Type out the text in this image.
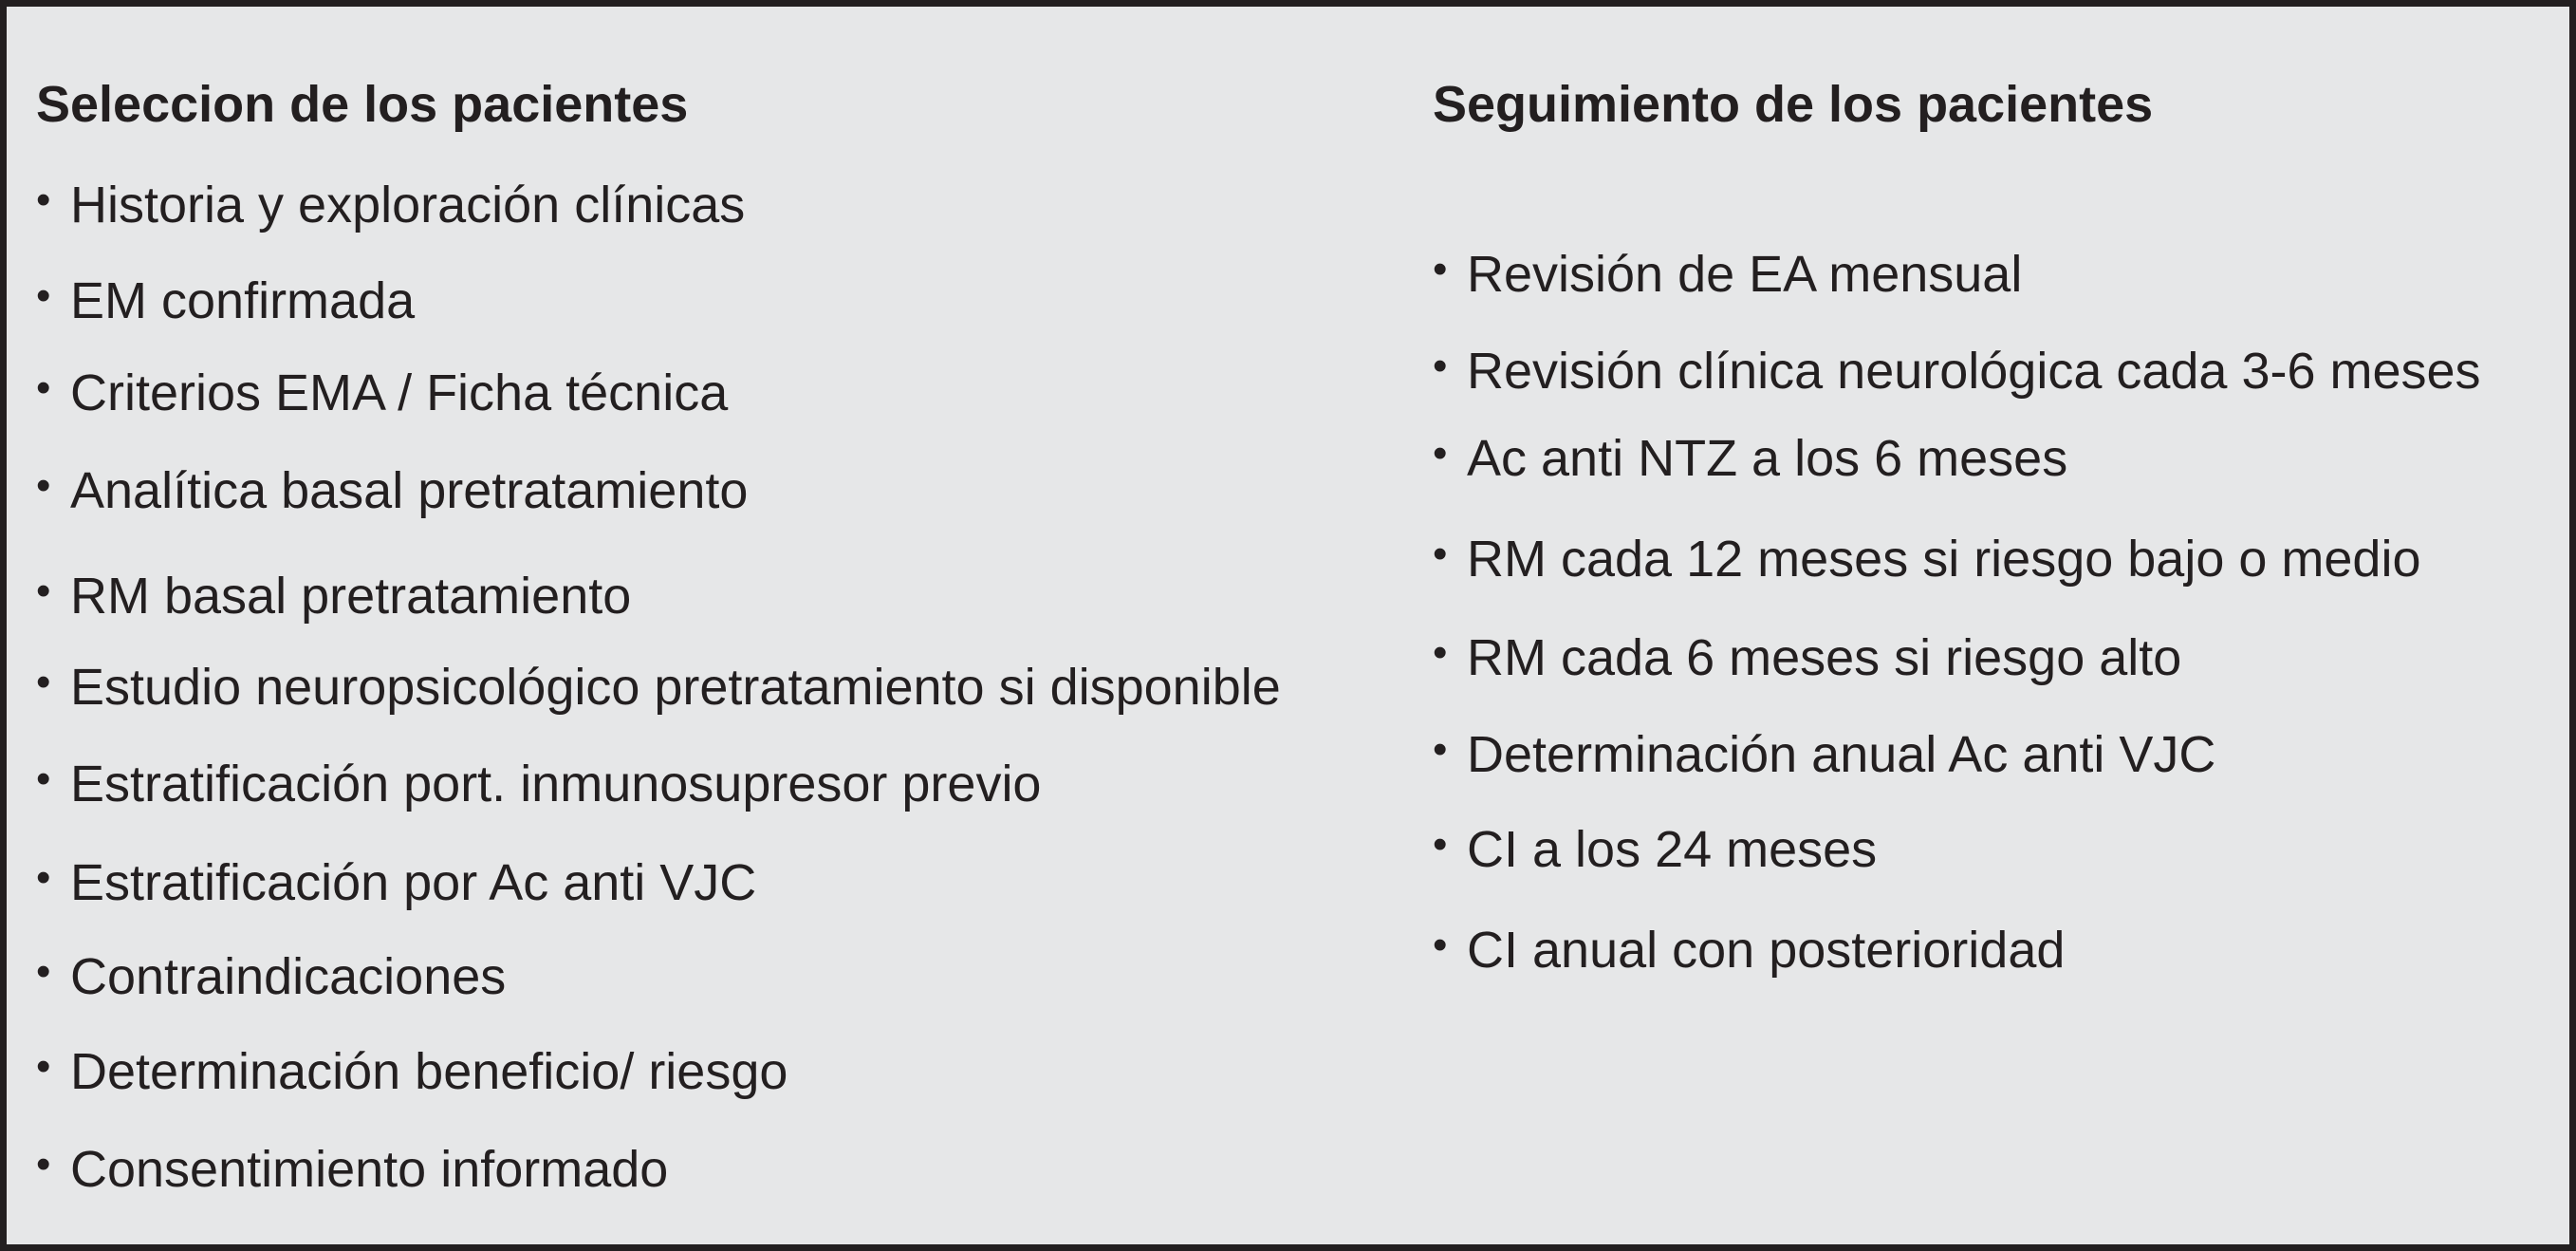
Seleccion de los pacientes	Seguimiento de los pacientes
• Historia y exploración clínicas
• EM confirmada
• Criterios EMA / Ficha técnica
• Analítica basal pretratamiento
• RM basal pretratamiento
• Estudio neuropsicológico pretratamiento si disponible
• Estratificación port. inmunosupresor previo
• Estratificación por Ac anti VJC
• Contraindicaciones
• Determinación beneficio/ riesgo
• Consentimiento informado
• Revisión de EA mensual
• Revisión clínica neurológica cada 3-6 meses
• Ac anti NTZ a los 6 meses
• RM cada 12 meses si riesgo bajo o medio
• RM cada 6 meses si riesgo alto
• Determinación anual Ac anti VJC
• CI a los 24 meses
• CI anual con posterioridad
